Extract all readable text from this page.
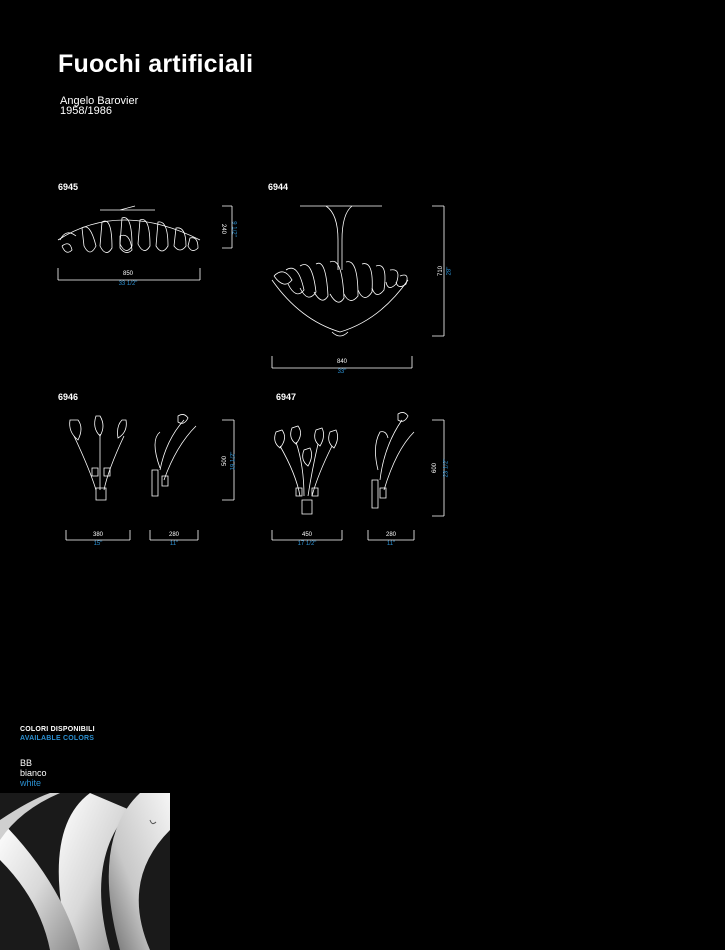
Fuochi artificiali
Angelo Barovier
1958/1986
6945	6944
6946	6947
850
33 1/2"
240 9 1/2"
840
33"
710 28"
380
15"
280
11"
500 19 1/2"
450
17 1/2"
280
11"
600 23 1/2"
COLORI DISPONIBILI
AVAILABLE COLORS
BB
bianco
white
